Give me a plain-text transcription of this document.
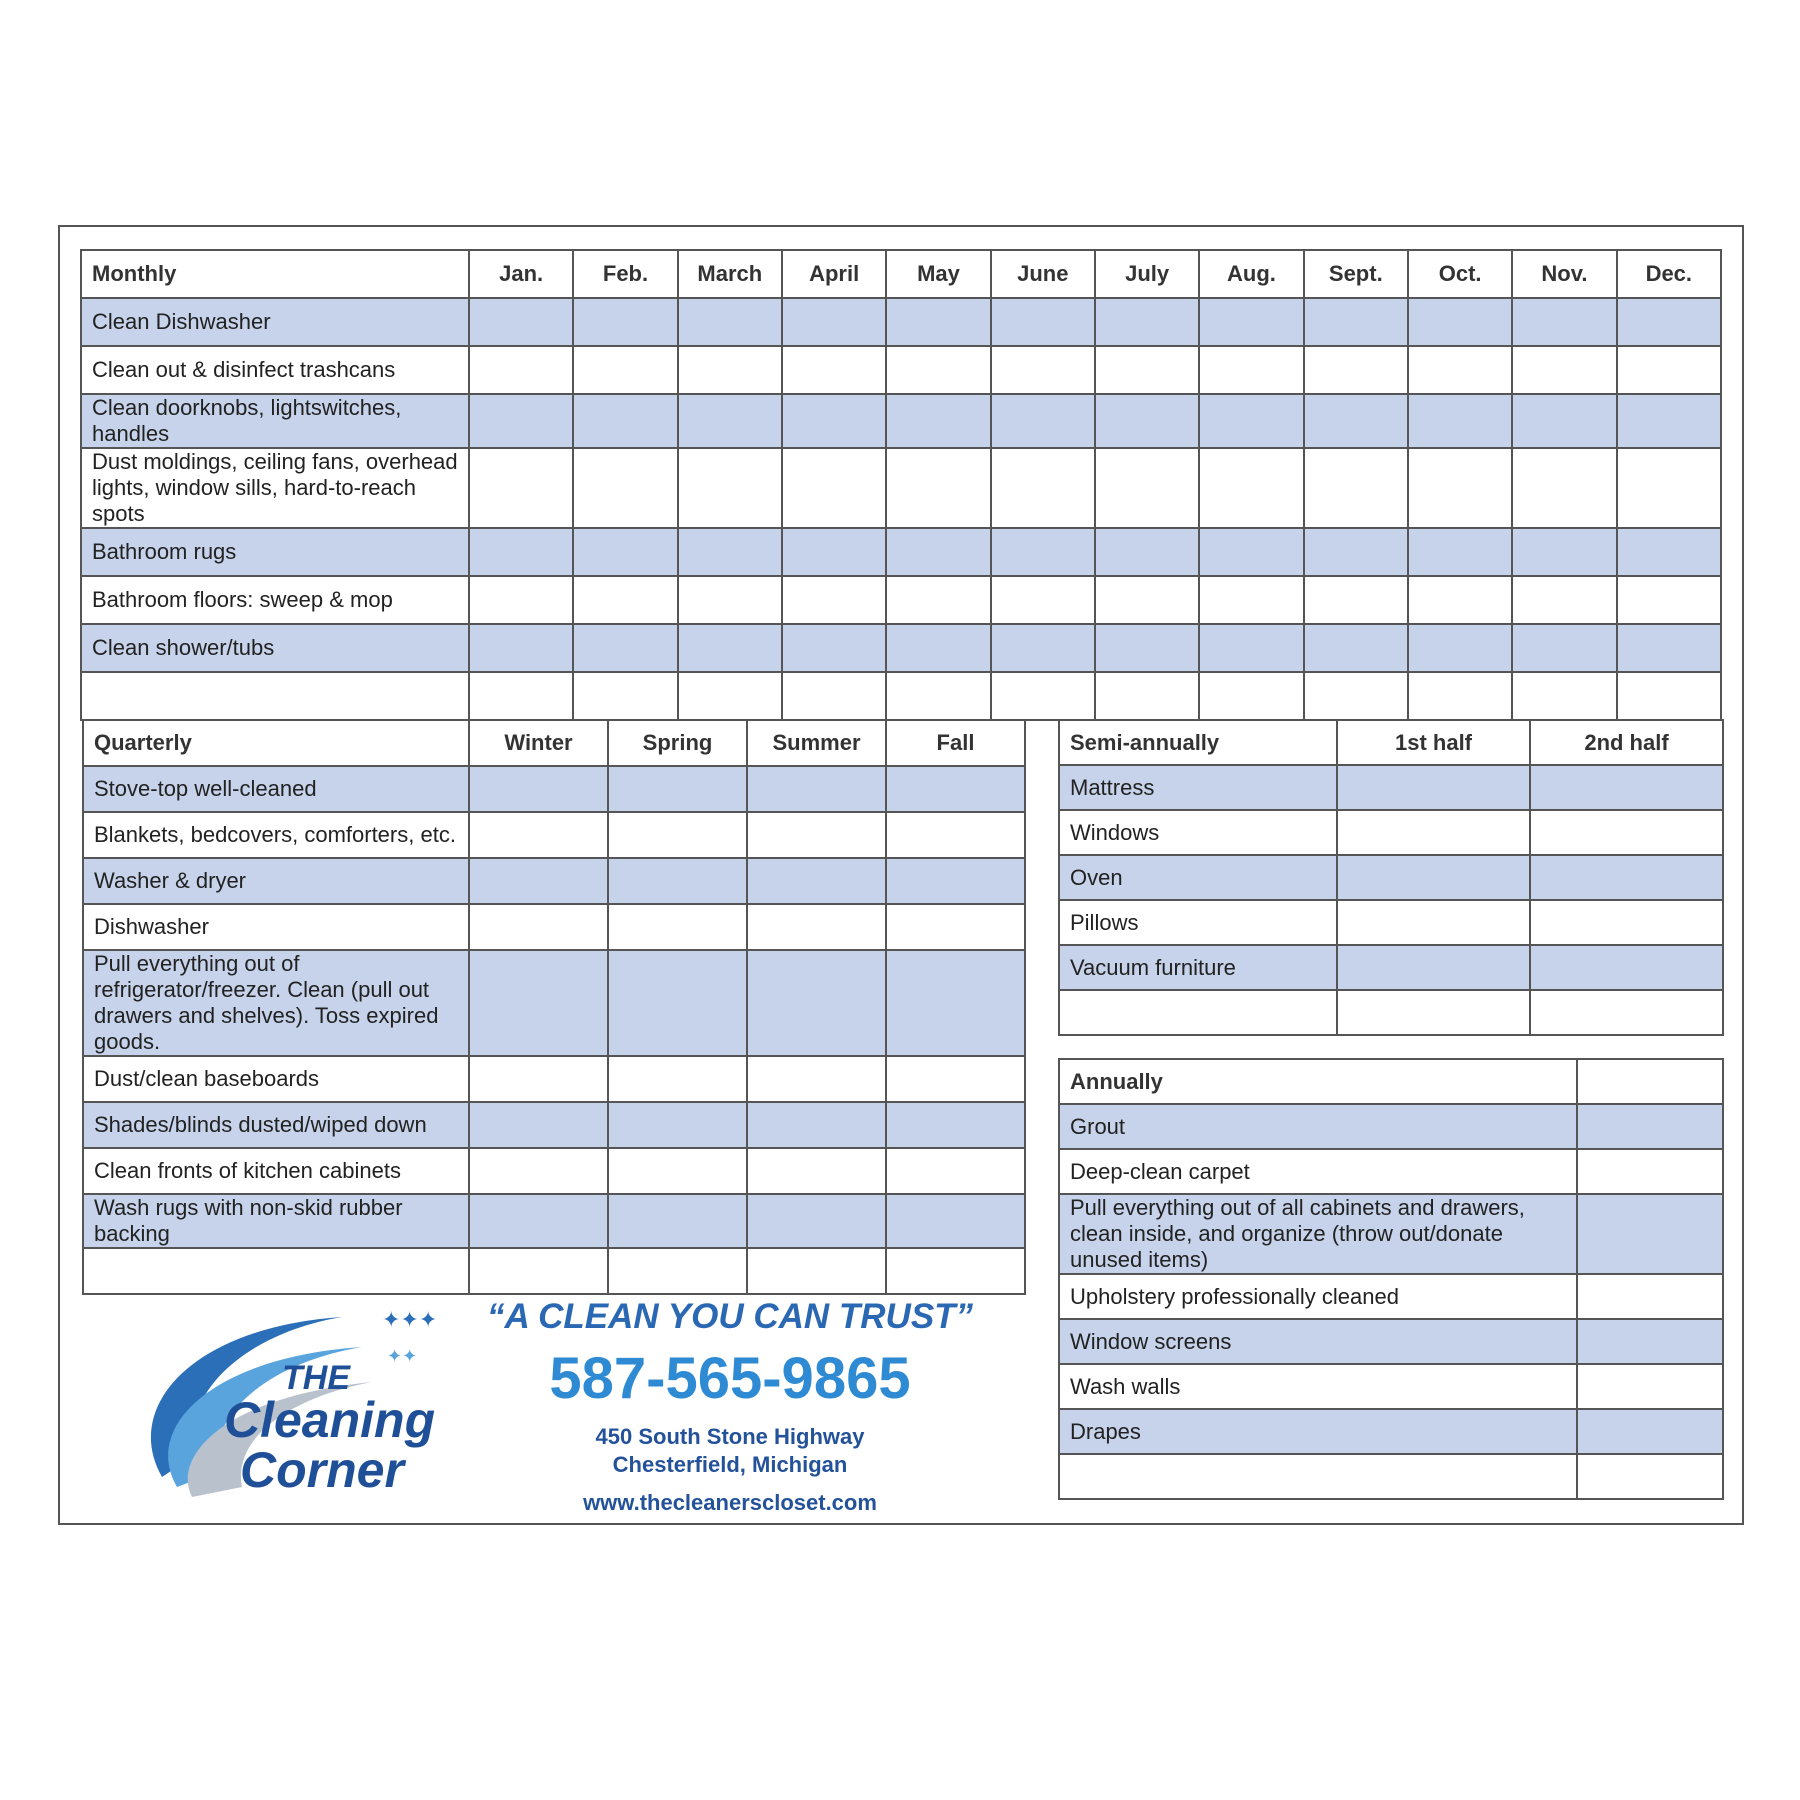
Monthly	Jan.	Feb.	March	April	May	June	July	Aug.	Sept.	Oct.	Nov.	Dec.
Clean Dishwasher												
Clean out & disinfect trashcans												
Clean doorknobs, lightswitches, handles												
Dust moldings, ceiling fans, overhead lights, window sills, hard-to-reach spots												
Bathroom rugs												
Bathroom floors: sweep & mop												
Clean shower/tubs												

Quarterly	Winter	Spring	Summer	Fall
Stove-top well-cleaned				
Blankets, bedcovers, comforters, etc.				
Washer & dryer				
Dishwasher				
Pull everything out of refrigerator/freezer. Clean (pull out drawers and shelves). Toss expired goods.				
Dust/clean baseboards				
Shades/blinds dusted/wiped down				
Clean fronts of kitchen cabinets				
Wash rugs with non-skid rubber backing				

Semi-annually	1st half	2nd half
Mattress		
Windows		
Oven		
Pillows		
Vacuum furniture		

Annually	
Grout	
Deep-clean carpet	
Pull everything out of all cabinets and drawers, clean inside, and organize (throw out/donate unused items)	
Upholstery professionally cleaned	
Window screens	
Wash walls	
Drapes	

✦✦✦
✦✦
THE
Cleaning
Corner
“A CLEAN YOU CAN TRUST”
587-565-9865
450 South Stone Highway
Chesterfield, Michigan
www.thecleanerscloset.com
